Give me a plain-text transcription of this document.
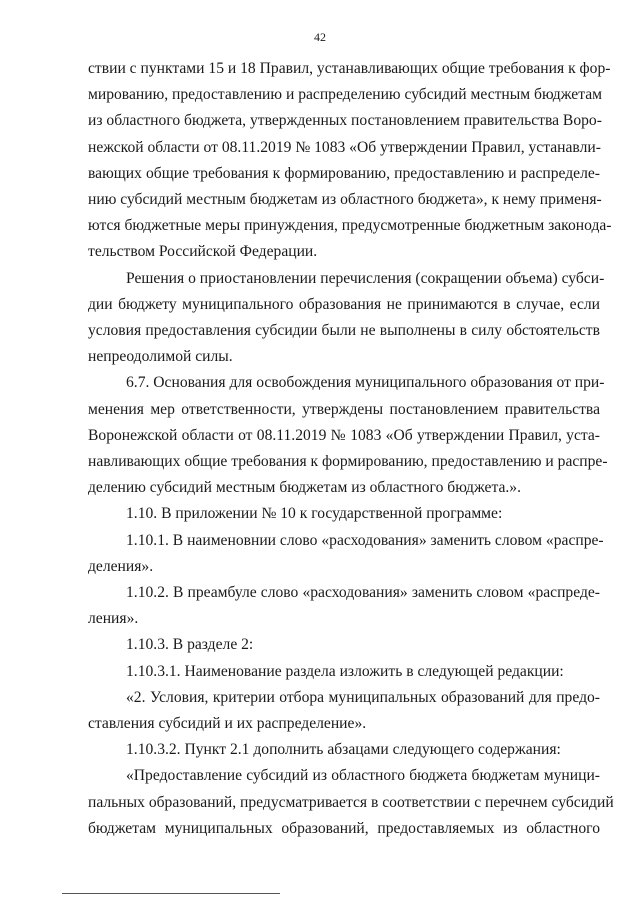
42
ствии с пунктами 15 и 18 Правил, устанавливающих общие требования к фор-
мированию, предоставлению и распределению субсидий местным бюджетам
из областного бюджета, утвержденных постановлением правительства Воро-
нежской области от 08.11.2019 № 1083 «Об утверждении Правил, устанавли-
вающих общие требования к формированию, предоставлению и распределе-
нию субсидий местным бюджетам из областного бюджета», к нему применя-
ются бюджетные меры принуждения, предусмотренные бюджетным законода-
тельством Российской Федерации.
Решения о приостановлении перечисления (сокращении объема) субси-
дии бюджету муниципального образования не принимаются в случае, если
условия предоставления субсидии были не выполнены в силу обстоятельств
непреодолимой силы.
6.7. Основания для освобождения муниципального образования от при-
менения мер ответственности, утверждены постановлением правительства
Воронежской области от 08.11.2019 № 1083 «Об утверждении Правил, уста-
навливающих общие требования к формированию, предоставлению и распре-
делению субсидий местным бюджетам из областного бюджета.».
1.10. В приложении № 10 к государственной программе:
1.10.1. В наименовнии слово «расходования» заменить словом «распре-
деления».
1.10.2. В преамбуле слово «расходования» заменить словом «распреде-
ления».
1.10.3. В разделе 2:
1.10.3.1. Наименование раздела изложить в следующей редакции:
«2. Условия, критерии отбора муниципальных образований для предо-
ставления субсидий и их распределение».
1.10.3.2. Пункт 2.1 дополнить абзацами следующего содержания:
«Предоставление субсидий из областного бюджета бюджетам муници-
пальных образований, предусматривается в соответствии с перечнем субсидий
бюджетам муниципальных образований, предоставляемых из областного
